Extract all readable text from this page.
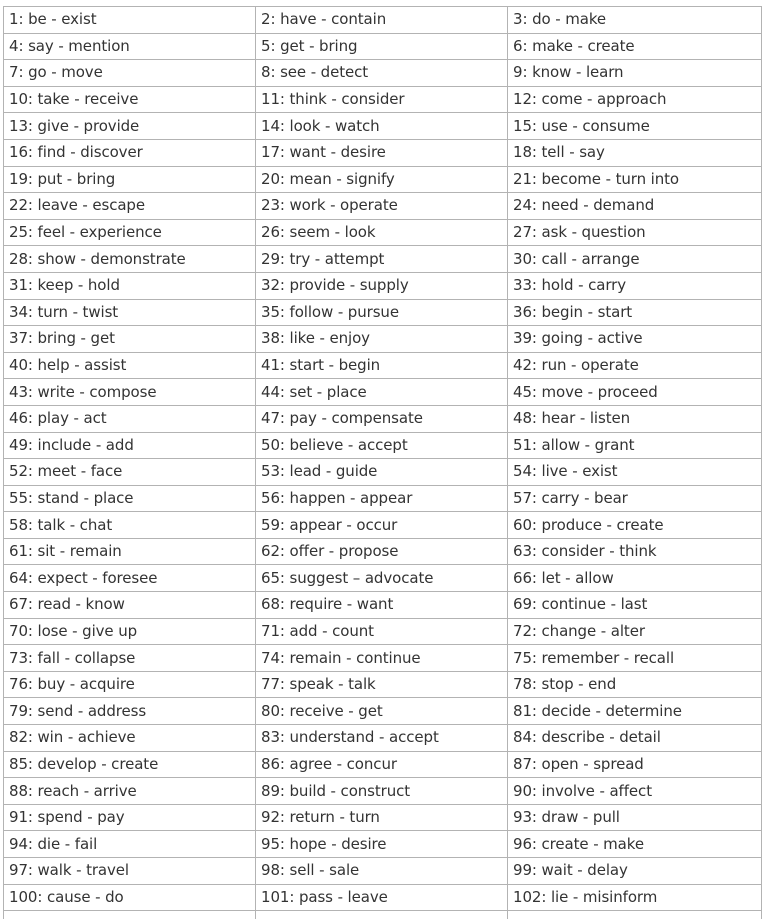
1: be - exist	2: have - contain	3: do - make
4: say - mention	5: get - bring	6: make - create
7: go - move	8: see - detect	9: know - learn
10: take - receive	11: think - consider	12: come - approach
13: give - provide	14: look - watch	15: use - consume
16: find - discover	17: want - desire	18: tell - say
19: put - bring	20: mean - signify	21: become - turn into
22: leave - escape	23: work - operate	24: need - demand
25: feel - experience	26: seem - look	27: ask - question
28: show - demonstrate	29: try - attempt	30: call - arrange
31: keep - hold	32: provide - supply	33: hold - carry
34: turn - twist	35: follow - pursue	36: begin - start
37: bring - get	38: like - enjoy	39: going - active
40: help - assist	41: start - begin	42: run - operate
43: write - compose	44: set - place	45: move - proceed
46: play - act	47: pay - compensate	48: hear - listen
49: include - add	50: believe - accept	51: allow - grant
52: meet - face	53: lead - guide	54: live - exist
55: stand - place	56: happen - appear	57: carry - bear
58: talk - chat	59: appear - occur	60: produce - create
61: sit - remain	62: offer - propose	63: consider - think
64: expect - foresee	65: suggest – advocate	66: let - allow
67: read - know	68: require - want	69: continue - last
70: lose - give up	71: add - count	72: change - alter
73: fall - collapse	74: remain - continue	75: remember - recall
76: buy - acquire	77: speak - talk	78: stop - end
79: send - address	80: receive - get	81: decide - determine
82: win - achieve	83: understand - accept	84: describe - detail
85: develop - create	86: agree - concur	87: open - spread
88: reach - arrive	89: build - construct	90: involve - affect
91: spend - pay	92: return - turn	93: draw - pull
94: die - fail	95: hope - desire	96: create - make
97: walk - travel	98: sell - sale	99: wait - delay
100: cause - do	101: pass - leave	102: lie - misinform
